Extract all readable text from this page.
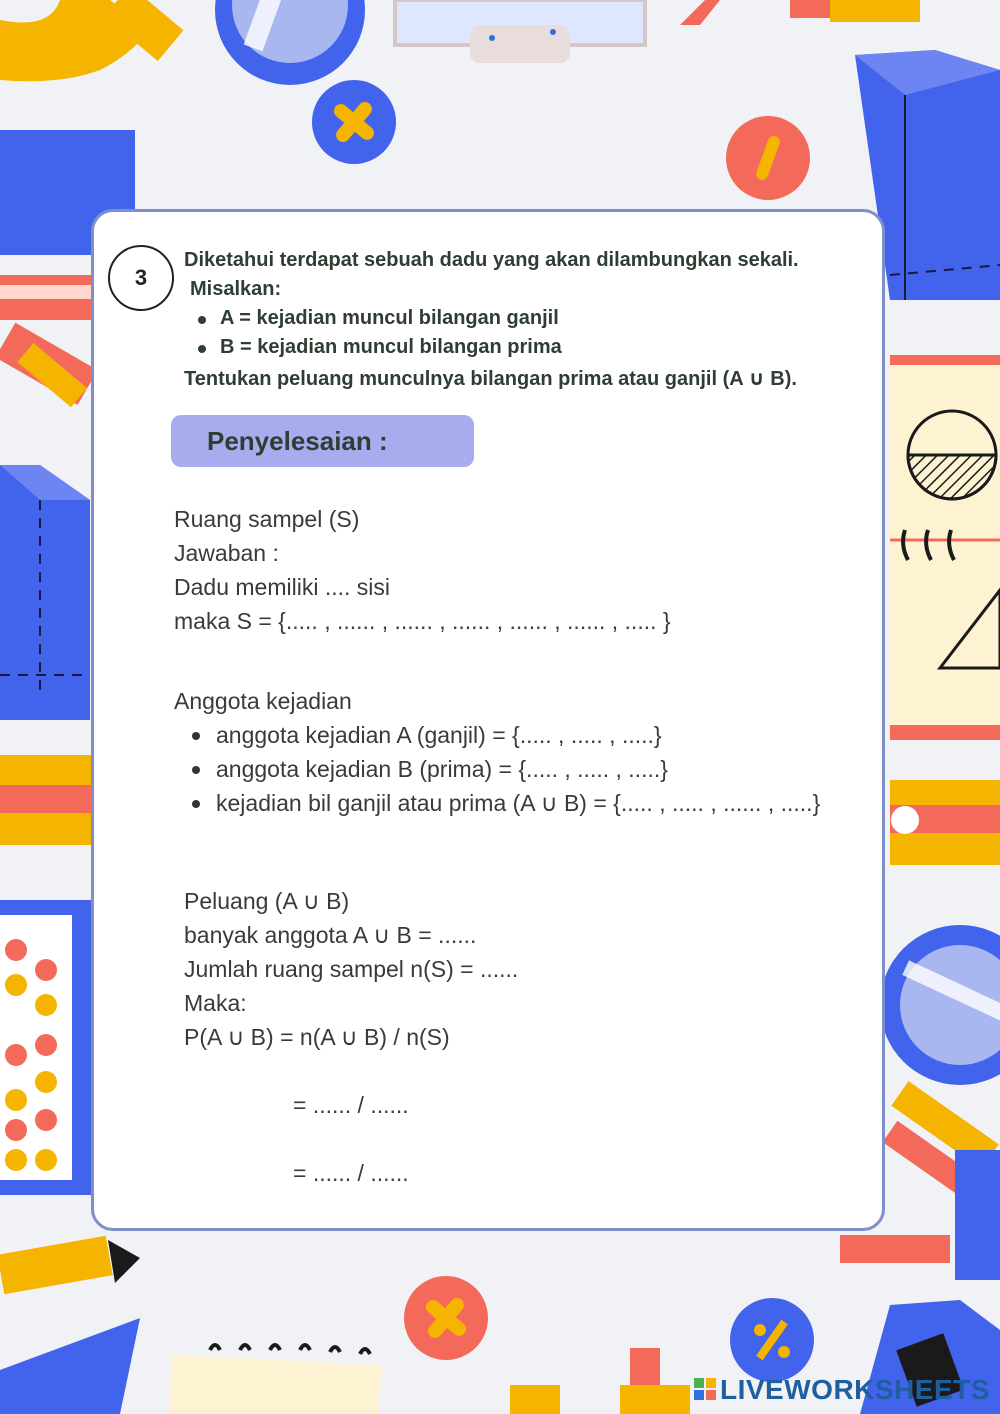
3
Diketahui terdapat sebuah dadu yang akan dilambungkan sekali.
Misalkan:
A = kejadian muncul bilangan ganjil
B = kejadian muncul bilangan prima
Tentukan peluang munculnya bilangan prima atau ganjil (A ∪ B).
Penyelesaian :
Ruang sampel (S)
Jawaban :
Dadu memiliki .... sisi
maka S = {..... , ...... , ...... , ...... , ...... , ...... , ..... }
Anggota kejadian
anggota kejadian A (ganjil) = {..... , ..... , .....}
anggota kejadian B (prima) = {..... , ..... , .....}
kejadian bil ganjil atau prima (A ∪ B) = {..... , ..... , ...... , .....}
Peluang (A ∪ B)
banyak anggota A ∪ B = ......
Jumlah ruang sampel n(S) = ......
Maka:
P(A ∪ B) = n(A ∪ B) / n(S)
= ...... / ......
= ...... / ......
LIVEWORKSHEETS
